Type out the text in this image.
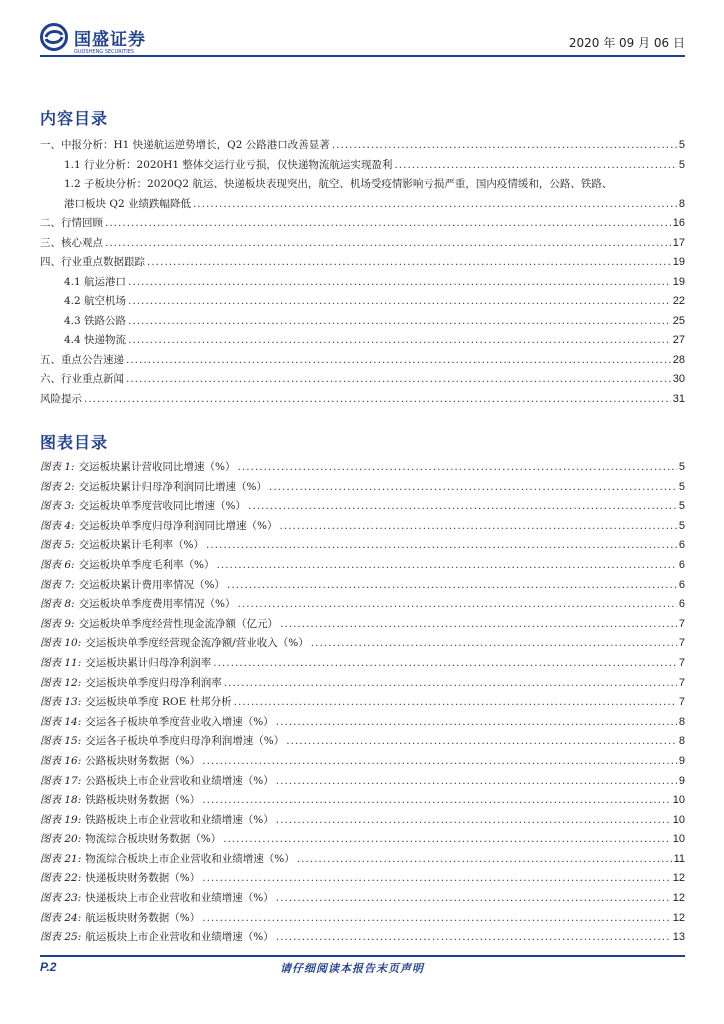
国盛证券
GUOSHENG SECURITIES
2020 年 09 月 06 日
内容目录
一、中报分析：H1 快递航运逆势增长，Q2 公路港口改善显著 .....	5
1.1 行业分析：2020H1 整体交运行业亏损，仅快递物流航运实现盈利 .....	5
1.2 子板块分析：2020Q2 航运、快递板块表现突出，航空、机场受疫情影响亏损严重，国内疫情缓和，公路、铁路、
港口板块 Q2 业绩跌幅降低 .....	8
二、行情回顾 .....	16
三、核心观点 .....	17
四、行业重点数据跟踪 .....	19
4.1 航运港口 .....	19
4.2 航空机场 .....	22
4.3 铁路公路 .....	25
4.4 快递物流 .....	27
五、重点公告速递 .....	28
六、行业重点新闻 .....	30
风险提示 .....	31
图表目录
图表 1: 交运板块累计营收同比增速（%） .....	5
图表 2: 交运板块累计归母净利润同比增速（%） .....	5
图表 3: 交运板块单季度营收同比增速（%） .....	5
图表 4: 交运板块单季度归母净利润同比增速（%） .....	5
图表 5: 交运板块累计毛利率（%） .....	6
图表 6: 交运板块单季度毛利率（%） .....	6
图表 7: 交运板块累计费用率情况（%） .....	6
图表 8: 交运板块单季度费用率情况（%） .....	6
图表 9: 交运板块单季度经营性现金流净额（亿元） .....	7
图表 10: 交运板块单季度经营现金流净额/营业收入（%） .....	7
图表 11: 交运板块累计归母净利润率 .....	7
图表 12: 交运板块单季度归母净利润率 .....	7
图表 13: 交运板块单季度 ROE 杜邦分析 .....	7
图表 14: 交运各子板块单季度营业收入增速（%） .....	8
图表 15: 交运各子板块单季度归母净利润增速（%） .....	8
图表 16: 公路板块财务数据（%） .....	9
图表 17: 公路板块上市企业营收和业绩增速（%） .....	9
图表 18: 铁路板块财务数据（%） .....	10
图表 19: 铁路板块上市企业营收和业绩增速（%） .....	10
图表 20: 物流综合板块财务数据（%） .....	10
图表 21: 物流综合板块上市企业营收和业绩增速（%） .....	11
图表 22: 快递板块财务数据（%） .....	12
图表 23: 快递板块上市企业营收和业绩增速（%） .....	12
图表 24: 航运板块财务数据（%） .....	12
图表 25: 航运板块上市企业营收和业绩增速（%） .....	13
P.2	请仔细阅读本报告末页声明
